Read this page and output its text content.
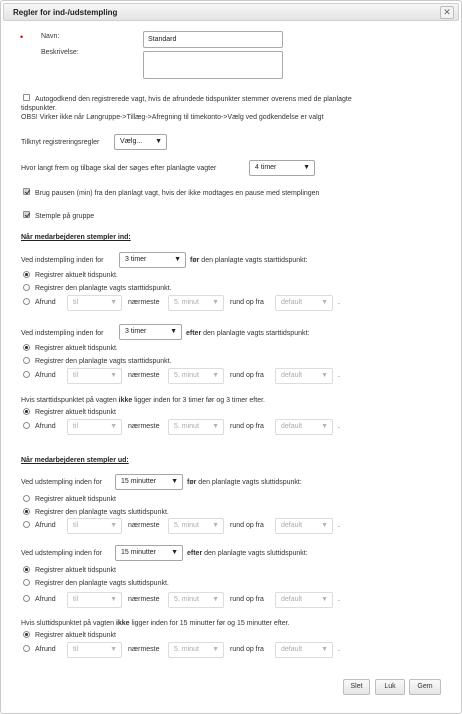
Regler for ind-/udstempling	✕
•	Navn:	Standard
Beskrivelse:
Autogodkend den registrerede vagt, hvis de afrundede tidspunkter stemmer overens med de planlagte
tidspunkter.
OBS! Virker ikke når Løngruppe->Tillæg->Afregning til timekonto->Vælg ved godkendelse er valgt
Tilknyt registreringsregler	Vælg... ▼
Hvor langt frem og tilbage skal der søges efter planlagte vagter	4 timer	▼
Brug pausen (min) fra den planlagt vagt, hvis der ikke modtages en pause med stemplingen
Stemple på gruppe
Når medarbejderen stempler ind:
Ved indstempling inden for	3 timer	▼ før den planlagte vagts starttidspunkt:
Registrer aktuelt tidspunkt.
Registrer den planlagte vagts starttidspunkt.
Afrund	til	▼ nærmeste	5. minut ▼ rund op fra	default	▼ .
Ved indstempling inden for	3 timer	▼ efter den planlagte vagts starttidspunkt:
Registrer aktuelt tidspunkt.
Registrer den planlagte vagts starttidspunkt.
Afrund	til	▼ nærmeste	5. minut ▼ rund op fra	default	▼ .
Hvis starttidspunktet på vagten ikke ligger inden for 3 timer før og 3 timer efter.
Registrer aktuelt tidspunkt
Afrund	til	▼ nærmeste	5. minut ▼ rund op fra	default	▼ .
Når medarbejderen stempler ud:
Ved udstempling inden for	15 minutter ▼ før den planlagte vagts sluttidspunkt:
Registrer aktuelt tidspunkt
Registrer den planlagte vagts sluttidspunkt.
Afrund	til	▼ nærmeste	5. minut ▼ rund op fra	default	▼ .
Ved udstempling inden for	15 minutter ▼ efter den planlagte vagts sluttidspunkt:
Registrer aktuelt tidspunkt
Registrer den planlagte vagts sluttidspunkt.
Afrund	til	▼ nærmeste	5. minut ▼ rund op fra	default	▼ .
Hvis sluttidspunktet på vagten ikke ligger inden for 15 minutter før og 15 minutter efter.
Registrer aktuelt tidspunkt
Afrund	til	▼ nærmeste	5. minut ▼ rund op fra	default	▼ .
Slet	Luk	Gem
